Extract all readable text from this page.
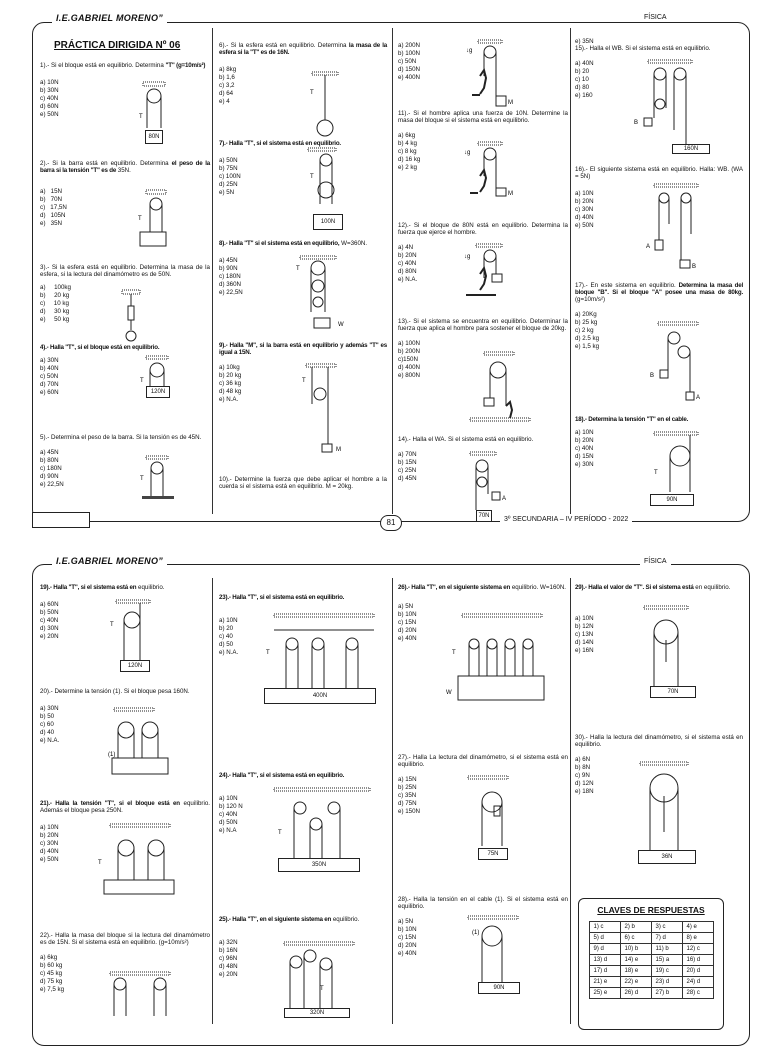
I.E.GABRIEL MORENO”	FÍSICA
PRÁCTICA DIRIGIDA Nº 06
1).- Si el bloque está en equilibrio. Determina "T" (g=10m/s²)
a) 10N
b) 30N
c) 40N
d) 60N
e) 50N	T
80N
2).- Si la barra está en equilibrio. Determina el peso de la barra si la tensión "T" es de 35N.
a)   15N
b)   70N
c)   17,5N
d)   105N
e)   35N
T
3).- Si la esfera está en equilibrio. Determina la masa de la esfera, si la lectura del dinamómetro es de 50N.
a)     100kg
b)     20 kg
c)     10 kg
d)     30 kg
e)     50 kg
4).- Halla "T", si el bloque está en equilibrio.
a) 30N
b) 40N
c) 50N
d) 70N
e) 60N
T
120N
5).- Determina el peso de la barra. Si la tensión es de 45N.
a) 45N
b) 80N
c) 180N
d) 90N
e) 22,5N
T
6).- Si la esfera está en equilibrio. Determina la masa de la esfera si la "T" es de 16N.
a) 8kg
b) 1,6
c) 3,2
d) 64
e) 4
T
7).- Halla "T", si el sistema está en equilibrio.
a) 50N
b) 75N
c) 100N
d) 25N
e) 5N
T
100N
8).- Halla "T" si el sistema está en equilibrio, W=360N.
a) 45N
b) 90N
c) 180N
d) 360N
e) 22,5N
T
W
9).- Halla "M", si la barra está en equilibrio y además "T" es igual a 15N.
a) 10kg
b) 20 kg
c) 36 kg
d) 48 kg
e) N.A.
T
M
10).- Determine la fuerza que debe aplicar el hombre a la cuerda si el sistema está en equilibrio. M = 20kg.
a) 200N
b) 100N
c) 50N
d) 150N
e) 400N
↓g
M
11).- Si el hombre aplica una fuerza de 10N. Determine la masa del bloque si el sistema está en equilibrio.
a) 6kg
b) 4 kg
c) 8 kg
d) 16 kg
e) 2 kg
↓g
M
12).- Si el bloque de 80N está en equilibrio. Determina la fuerza que ejerce el hombre.
a) 4N
b) 20N
c) 40N
d) 80N
e) N.A.
↓g
13).- Si el sistema se encuentra en equilibrio. Determinar la fuerza que aplica el hombre para sostener el bloque de 20kg.
a) 100N
b) 200N
c)150N
d) 400N
e) 800N
14).- Halla el WA. Si el sistema está en equilibrio.
a) 70N
b) 15N
c) 25N
d) 45N
A
70N
e) 35N
15).- Halla el WB. Si el sistema está en equilibrio.
a) 40N
b) 20
c) 10
d) 80
e) 160
B
160N
16).- El siguiente sistema está en equilibrio. Halla: WB. (WA = 5N)
a) 10N
b) 20N
c) 30N
d) 40N
e) 50N
A
B
17).- En este sistema en equilibrio. Determina la masa del bloque "B". Si el bloque "A" posee una masa de 80kg. (g=10m/s²)
a) 20Kg
b) 25 kg
c) 2 kg
d) 2.5 kg
e) 1,5 kg
B
A
18).- Determina la tensión "T" en el cable.
a) 10N
b) 20N
c) 40N
d) 15N
e) 30N
T
90N
81	3º SECUNDARIA – IV PERÍODO - 2022
I.E.GABRIEL MORENO”	FÍSICA
19).- Halla "T", si el sistema está en equilibrio.
a) 60N
b) 50N
c) 40N
d) 30N
e) 20N
T
120N
20).- Determine la tensión (1). Si el bloque pesa 160N.
a) 30N
b) 50
c) 60
d) 40
e) N.A.
(1)
21).- Halla la tensión "T", si el bloque está en equilibrio. Además el bloque pesa 250N.
a) 10N
b) 20N
c) 30N
d) 40N
e) 50N	T
22).- Halla la masa del bloque si la lectura del dinamómetro es de 15N. Si el sistema está en equilibrio. (g=10m/s²)
a) 6kg
b) 60 kg
c) 45 kg
d) 75 kg
e) 7,5 kg
23).- Halla "T", si el sistema está en equilibrio.
a) 10N
b) 20
c) 40
d) 50
e) N.A.	T
400N
24).- Halla "T", si el sistema está en equilibrio.
a) 10N
b) 120 N
c) 40N
d) 50N
e) N.A	T
350N
25).- Halla "T", en el siguiente sistema en equilibrio.
a) 32N
b) 16N
c) 96N
d) 48N
e) 20N
T
320N
26).- Halla "T", en el siguiente sistema en equilibrio. W=160N.
a) 5N
b) 10N
c) 15N
d) 20N
e) 40N
T
W
27).- Halla La lectura del dinamómetro, si el sistema está en equilibrio.
a) 15N
b) 25N
c) 35N
d) 75N
e) 150N
75N
28).- Halla la tensión en el cable (1). Si el sistema está en equilibrio.
a) 5N
b) 10N
c) 15N
d) 20N
e) 40N
(1)
90N
29).- Halla el valor de "T". Si el sistema está en equilibrio.
a) 10N
b) 12N
c) 13N
d) 14N
e) 16N
70N
30).- Halla la lectura del dinamómetro, si el sistema está en equilibrio.
a) 6N
b) 8N
c) 9N
d) 12N
e) 18N
36N
CLAVES DE RESPUESTAS
1) c	2) b	3) c	4) e
5) d	6) c	7) d	8) e
9) d	10) b	11) b	12) c
13) d	14) e	15) a	16) d
17) d	18) e	19) c	20) d
21) e	22) e	23) d	24) d
25) e	26) d	27) b	28) c
